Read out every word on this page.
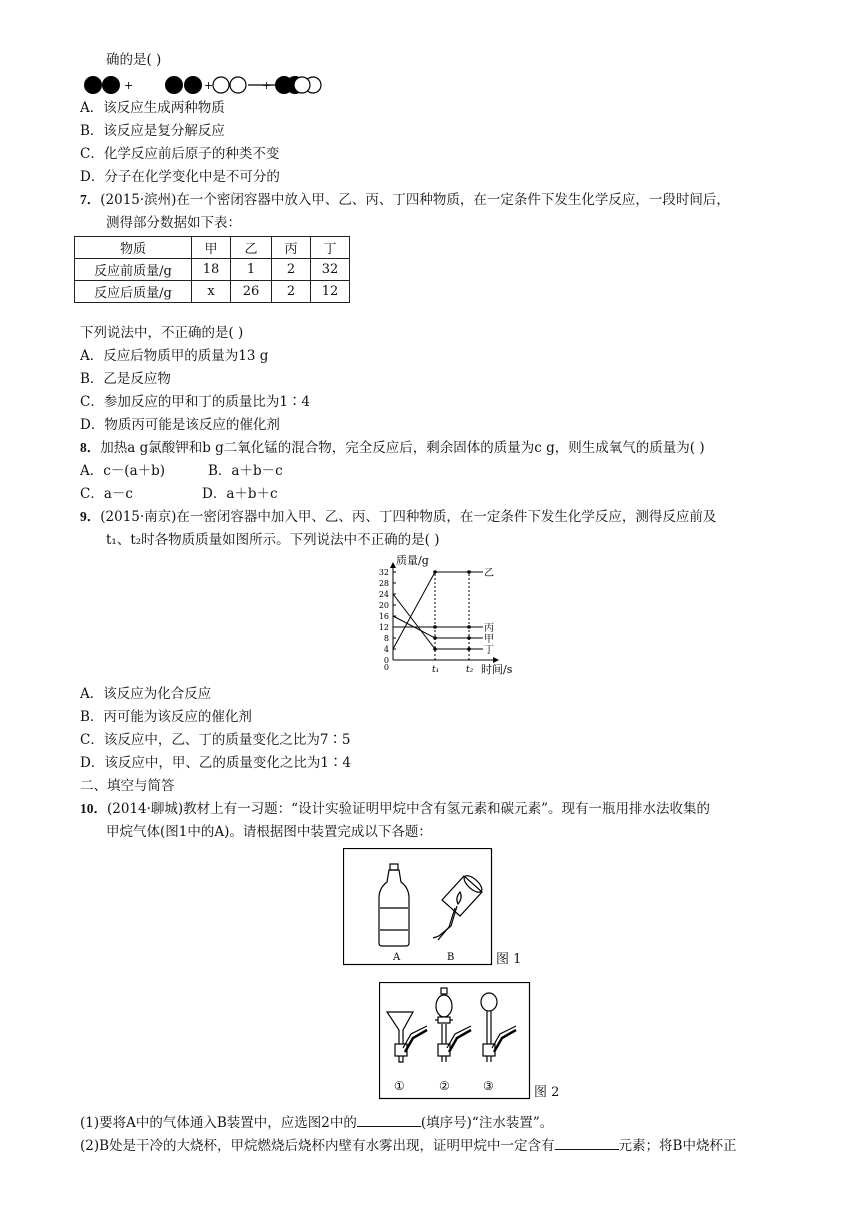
确的是( )
+
+	+
A．该反应生成两种物质
B．该反应是复分解反应
C．化学反应前后原子的种类不变
D．分子在化学变化中是不可分的
7．(2015·滨州)在一个密闭容器中放入甲、乙、丙、丁四种物质，在一定条件下发生化学反应，一段时间后，
测得部分数据如下表：
物质	甲	乙	丙	丁
反应前质量/g	18	1	2	32
反应后质量/g	x	26	2	12
下列说法中，不正确的是( )
A．反应后物质甲的质量为13 g
B．乙是反应物
C．参加反应的甲和丁的质量比为1∶4
D．物质丙可能是该反应的催化剂
8．加热a g氯酸钾和b g二氧化锰的混合物，完全反应后，剩余固体的质量为c g，则生成氧气的质量为( )
A．c－(a＋b)	B．a＋b－c
C．a－c	D．a＋b＋c
9．(2015·南京)在一密闭容器中加入甲、乙、丙、丁四种物质，在一定条件下发生化学反应，测得反应前及
t₁、t₂时各物质质量如图所示。下列说法中不正确的是( )
质量/g
时间/s
0
4
8
12
16
20
24
28
32
t₁	t₂
乙
丙
甲
丁
0
A．该反应为化合反应
B．丙可能为该反应的催化剂
C．该反应中，乙、丁的质量变化之比为7∶5
D．该反应中，甲、乙的质量变化之比为1∶4
二、填空与简答
10．(2014·聊城)教材上有一习题：“设计实验证明甲烷中含有氢元素和碳元素”。现有一瓶用排水法收集的
甲烷气体(图1中的A)。请根据图中装置完成以下各题：
A	B	图 1
①	②	③	图 2
(1)要将A中的气体通入B装置中，应选图2中的	(填序号)“注水装置”。
(2)B处是干冷的大烧杯，甲烷燃烧后烧杯内壁有水雾出现，证明甲烷中一定含有	元素；将B中烧杯正
